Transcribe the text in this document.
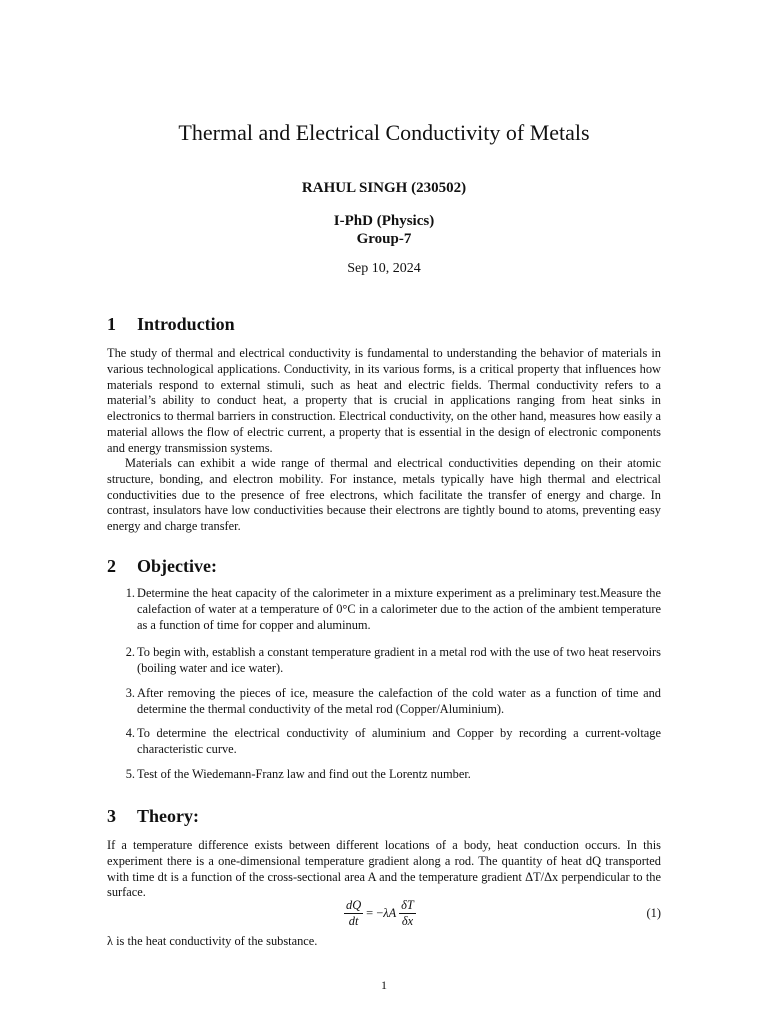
Thermal and Electrical Conductivity of Metals
RAHUL SINGH (230502)
I-PhD (Physics)
Group-7
Sep 10, 2024
1 Introduction

The study of thermal and electrical conductivity is fundamental to understanding the behavior of materials in various technological applications. Conductivity, in its various forms, is a critical property that influences how materials respond to external stimuli, such as heat and electric fields. Thermal conductivity refers to a material’s ability to conduct heat, a property that is crucial in applications ranging from heat sinks in electronics to thermal barriers in construction. Electrical conductivity, on the other hand, measures how easily a material allows the flow of electric current, a property that is essential in the design of electronic components and energy transmission systems.

Materials can exhibit a wide range of thermal and electrical conductivities depending on their atomic structure, bonding, and electron mobility. For instance, metals typically have high thermal and electrical conductivities due to the presence of free electrons, which facilitate the transfer of energy and charge. In contrast, insulators have low conductivities because their electrons are tightly bound to atoms, preventing easy energy and charge transfer.

2 Objective:
1. Determine the heat capacity of the calorimeter in a mixture experiment as a preliminary test.Measure the calefaction of water at a temperature of 0°C in a calorimeter due to the action of the ambient temperature as a function of time for copper and aluminum.
2. To begin with, establish a constant temperature gradient in a metal rod with the use of two heat reservoirs (boiling water and ice water).
3. After removing the pieces of ice, measure the calefaction of the cold water as a function of time and determine the thermal conductivity of the metal rod (Copper/Aluminium).
4. To determine the electrical conductivity of aluminium and Copper by recording a current-voltage characteristic curve.
5. Test of the Wiedemann-Franz law and find out the Lorentz number.
3 Theory:

If a temperature difference exists between different locations of a body, heat conduction occurs. In this experiment there is a one-dimensional temperature gradient along a rod. The quantity of heat dQ transported with time dt is a function of the cross-sectional area A and the temperature gradient ΔT/Δx perpendicular to the surface.

$\frac{dQ}{dt} = -\lambda A \frac{\delta T}{\delta x}$	(1)

λ is the heat conductivity of the substance.

1
